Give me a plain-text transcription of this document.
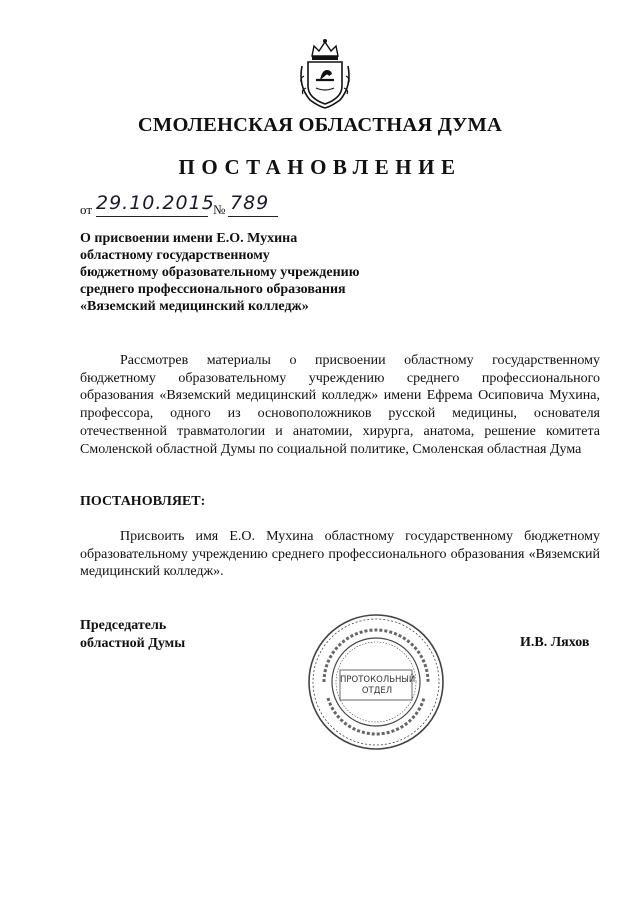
СМОЛЕНСКАЯ ОБЛАСТНАЯ ДУМА
ПОСТАНОВЛЕНИЕ
от 29.10.2015
№ 789
О присвоении имени Е.О. Мухина
областному государственному
бюджетному образовательному учреждению
среднего профессионального образования
«Вяземский медицинский колледж»
Рассмотрев материалы о присвоении областному государственному бюджетному образовательному учреждению среднего профессионального образования «Вяземский медицинский колледж» имени Ефрема Осиповича Мухина, профессора, одного из основоположников русской медицины, основателя отечественной травматологии и анатомии, хирурга, анатома, решение комитета Смоленской областной Думы по социальной политике, Смоленская областная Дума
ПОСТАНОВЛЯЕТ:
Присвоить имя Е.О. Мухина областному государственному бюджетному образовательному учреждению среднего профессионального образования «Вяземский медицинский колледж».
Председатель
областной Думы
ПРОТОКОЛЬНЫЙ
ОТДЕЛ
И.В. Ляхов
